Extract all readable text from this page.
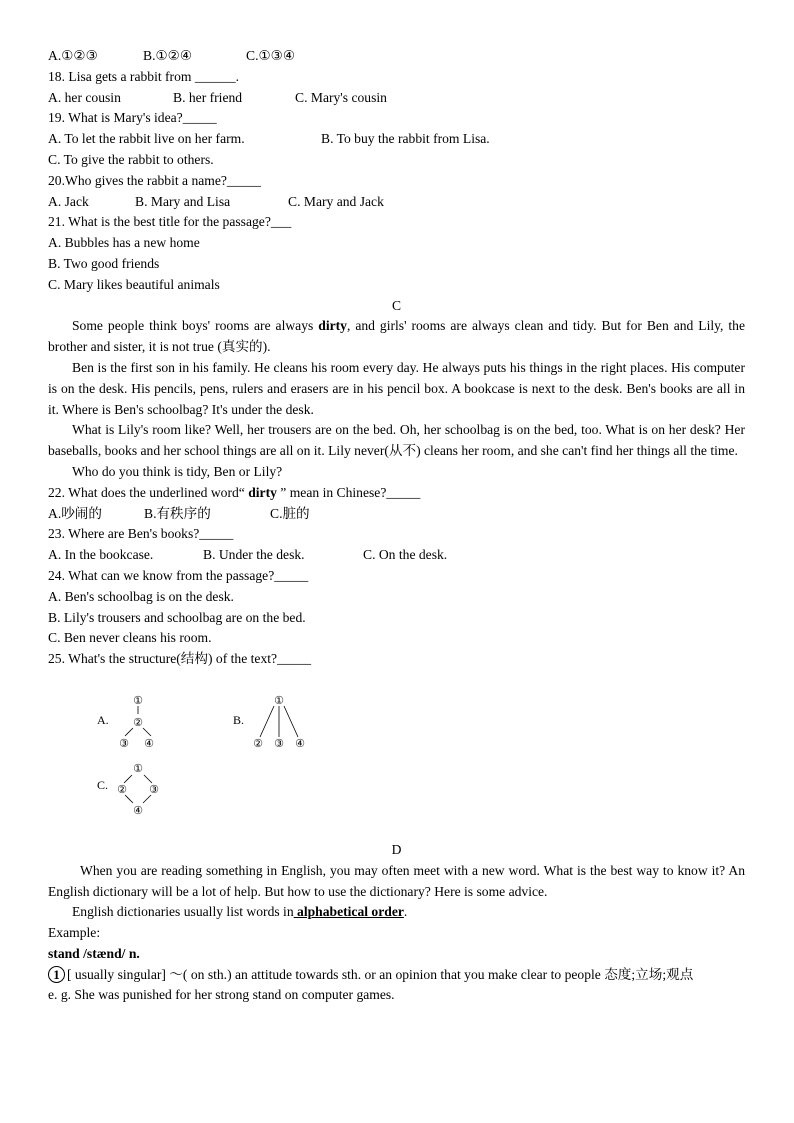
A.①②③	B.①②④	C.①③④
18. Lisa gets a rabbit from ______.
A. her cousin	B. her friend	C. Mary's cousin
19. What is Mary's idea?_____
A. To let the rabbit live on her farm.	B. To buy the rabbit from Lisa.
C. To give the rabbit to others.
20.Who gives the rabbit a name?_____
A. Jack	B. Mary and Lisa	C. Mary and Jack
21. What is the best title for the passage?___
A. Bubbles has a new home
B. Two good friends
C. Mary likes beautiful animals
C
Some people think boys' rooms are always dirty, and girls' rooms are always clean and tidy. But for Ben and Lily, the brother and sister, it is not true (真实的).
Ben is the first son in his family. He cleans his room every day. He always puts his things in the right places. His computer is on the desk. His pencils, pens, rulers and erasers are in his pencil box. A bookcase is next to the desk. Ben's books are all in it. Where is Ben's schoolbag? It's under the desk.
What is Lily's room like? Well, her trousers are on the bed. Oh, her schoolbag is on the bed, too. What is on her desk? Her baseballs, books and her school things are all on it. Lily never(从不) cleans her room, and she can't find her things all the time.
Who do you think is tidy, Ben or Lily?
22. What does the underlined word“ dirty ” mean in Chinese?_____
A.吵闹的	B.有秩序的	C.脏的
23. Where are Ben's books?_____
A. In the bookcase.	B. Under the desk.	C. On the desk.
24. What can we know from the passage?_____
A. Ben's schoolbag is on the desk.
B. Lily's trousers and schoolbag are on the bed.
C. Ben never cleans his room.
25. What's the structure(结构) of the text?_____
A.
①
②
③ ④
B.
①
② ③ ④
C.
①
② ③
④
D
When you are reading something in English, you may often meet with a new word. What is the best way to know it? An English dictionary will be a lot of help. But how to use the dictionary? Here is some advice.
English dictionaries usually list words in alphabetical order.
Example:
stand /stænd/ n.
1 [ usually singular] ～( on sth.) an attitude towards sth. or an opinion that you make clear to people 态度;立场;观点
e. g. She was punished for her strong stand on computer games.
